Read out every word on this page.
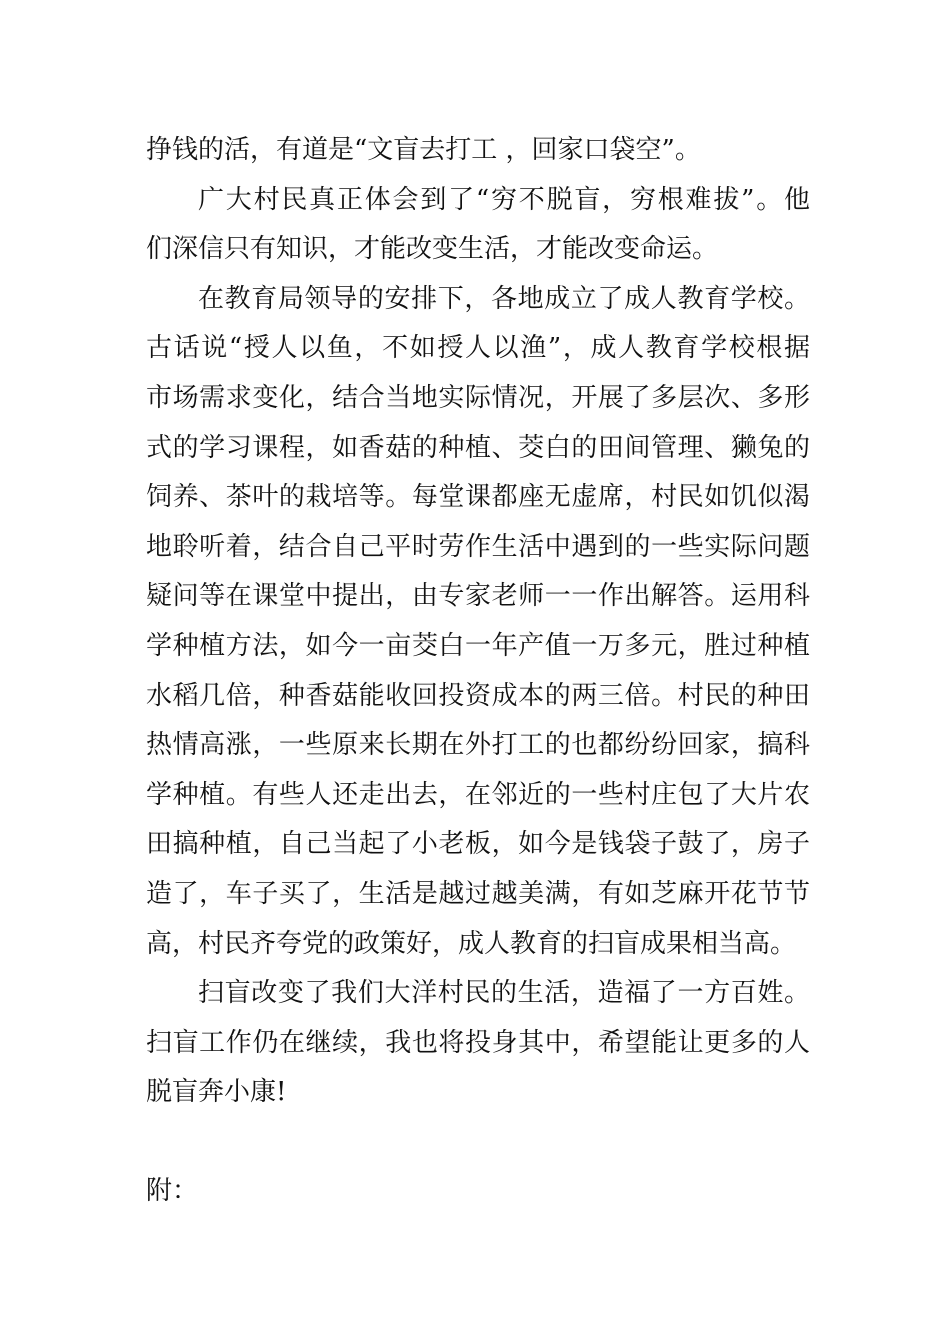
挣钱的活，有道是“文盲去打工 ，回家口袋空”。
广大村民真正体会到了“穷不脱盲，穷根难拔”。他
们深信只有知识，才能改变生活，才能改变命运。
在教育局领导的安排下，各地成立了成人教育学校。
古话说“授人以鱼，不如授人以渔”，成人教育学校根据
市场需求变化，结合当地实际情况，开展了多层次、多形
式的学习课程，如香菇的种植、茭白的田间管理、獭兔的
饲养、茶叶的栽培等。每堂课都座无虚席，村民如饥似渴
地聆听着，结合自己平时劳作生活中遇到的一些实际问题
疑问等在课堂中提出，由专家老师一一作出解答。运用科
学种植方法，如今一亩茭白一年产值一万多元，胜过种植
水稻几倍，种香菇能收回投资成本的两三倍。村民的种田
热情高涨，一些原来长期在外打工的也都纷纷回家，搞科
学种植。有些人还走出去，在邻近的一些村庄包了大片农
田搞种植，自己当起了小老板，如今是钱袋子鼓了，房子
造了，车子买了，生活是越过越美满，有如芝麻开花节节
高，村民齐夸党的政策好，成人教育的扫盲成果相当高。
扫盲改变了我们大洋村民的生活，造福了一方百姓。
扫盲工作仍在继续，我也将投身其中，希望能让更多的人
脱盲奔小康!
附：
